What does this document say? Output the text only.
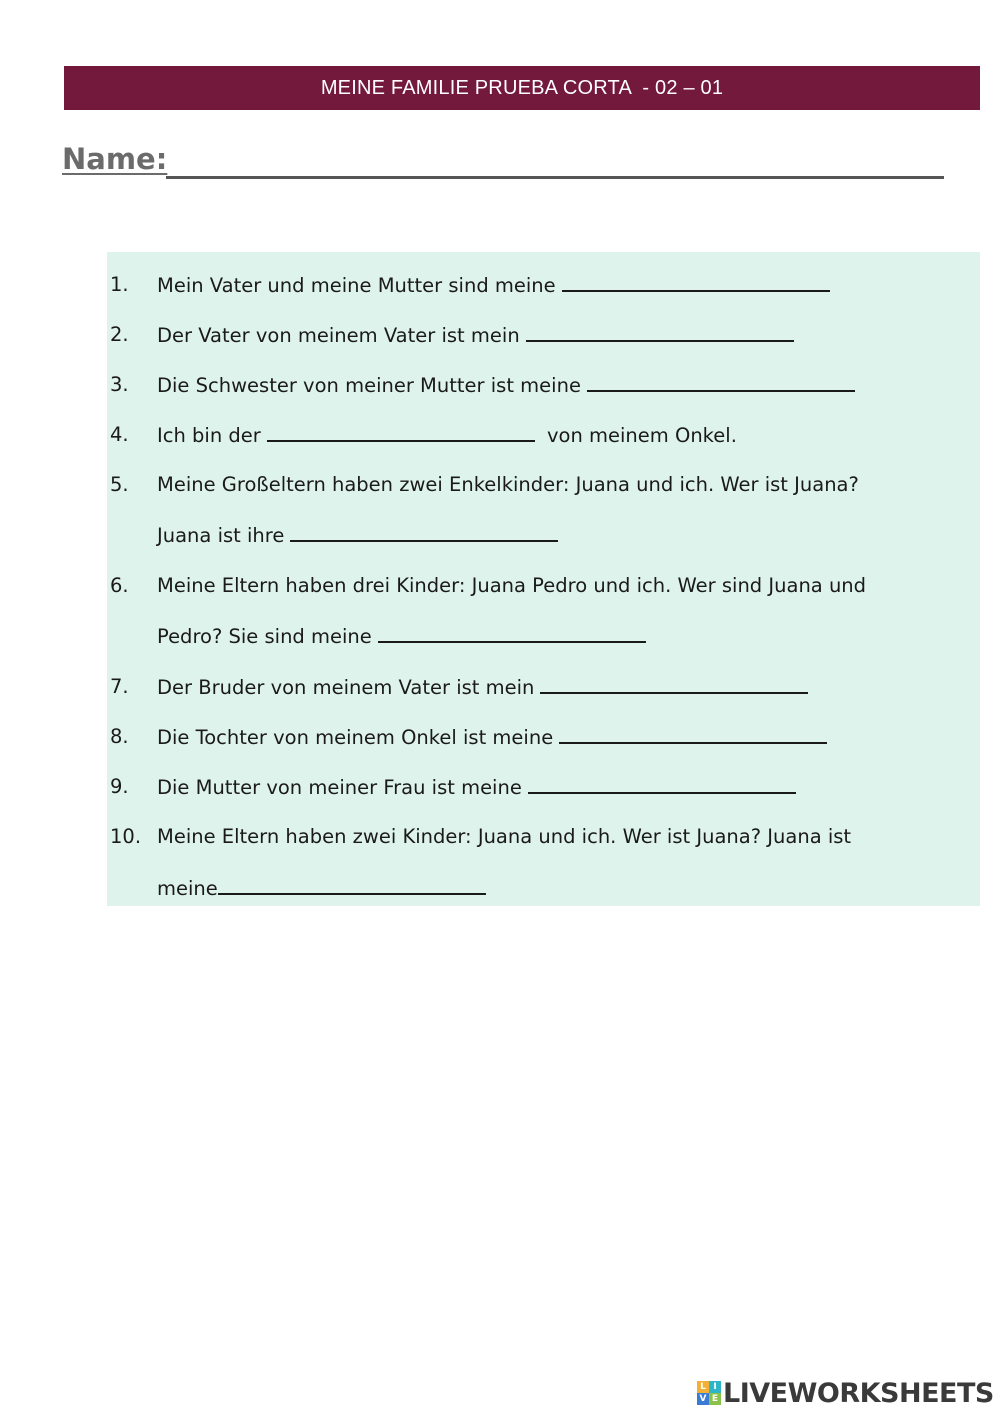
MEINE FAMILIE PRUEBA CORTA  - 02 – 01
Name:
1. Mein Vater und meine Mutter sind meine
2. Der Vater von meinem Vater ist mein
3. Die Schwester von meiner Mutter ist meine
4. Ich bin der	von meinem Onkel.
5. Meine Großeltern haben zwei Enkelkinder: Juana und ich. Wer ist Juana?
Juana ist ihre
6. Meine Eltern haben drei Kinder: Juana Pedro und ich. Wer sind Juana und
Pedro? Sie sind meine
7. Der Bruder von meinem Vater ist mein
8. Die Tochter von meinem Onkel ist meine
9. Die Mutter von meiner Frau ist meine
10. Meine Eltern haben zwei Kinder: Juana und ich. Wer ist Juana? Juana ist
meine
L I
V E LIVEWORKSHEETS
